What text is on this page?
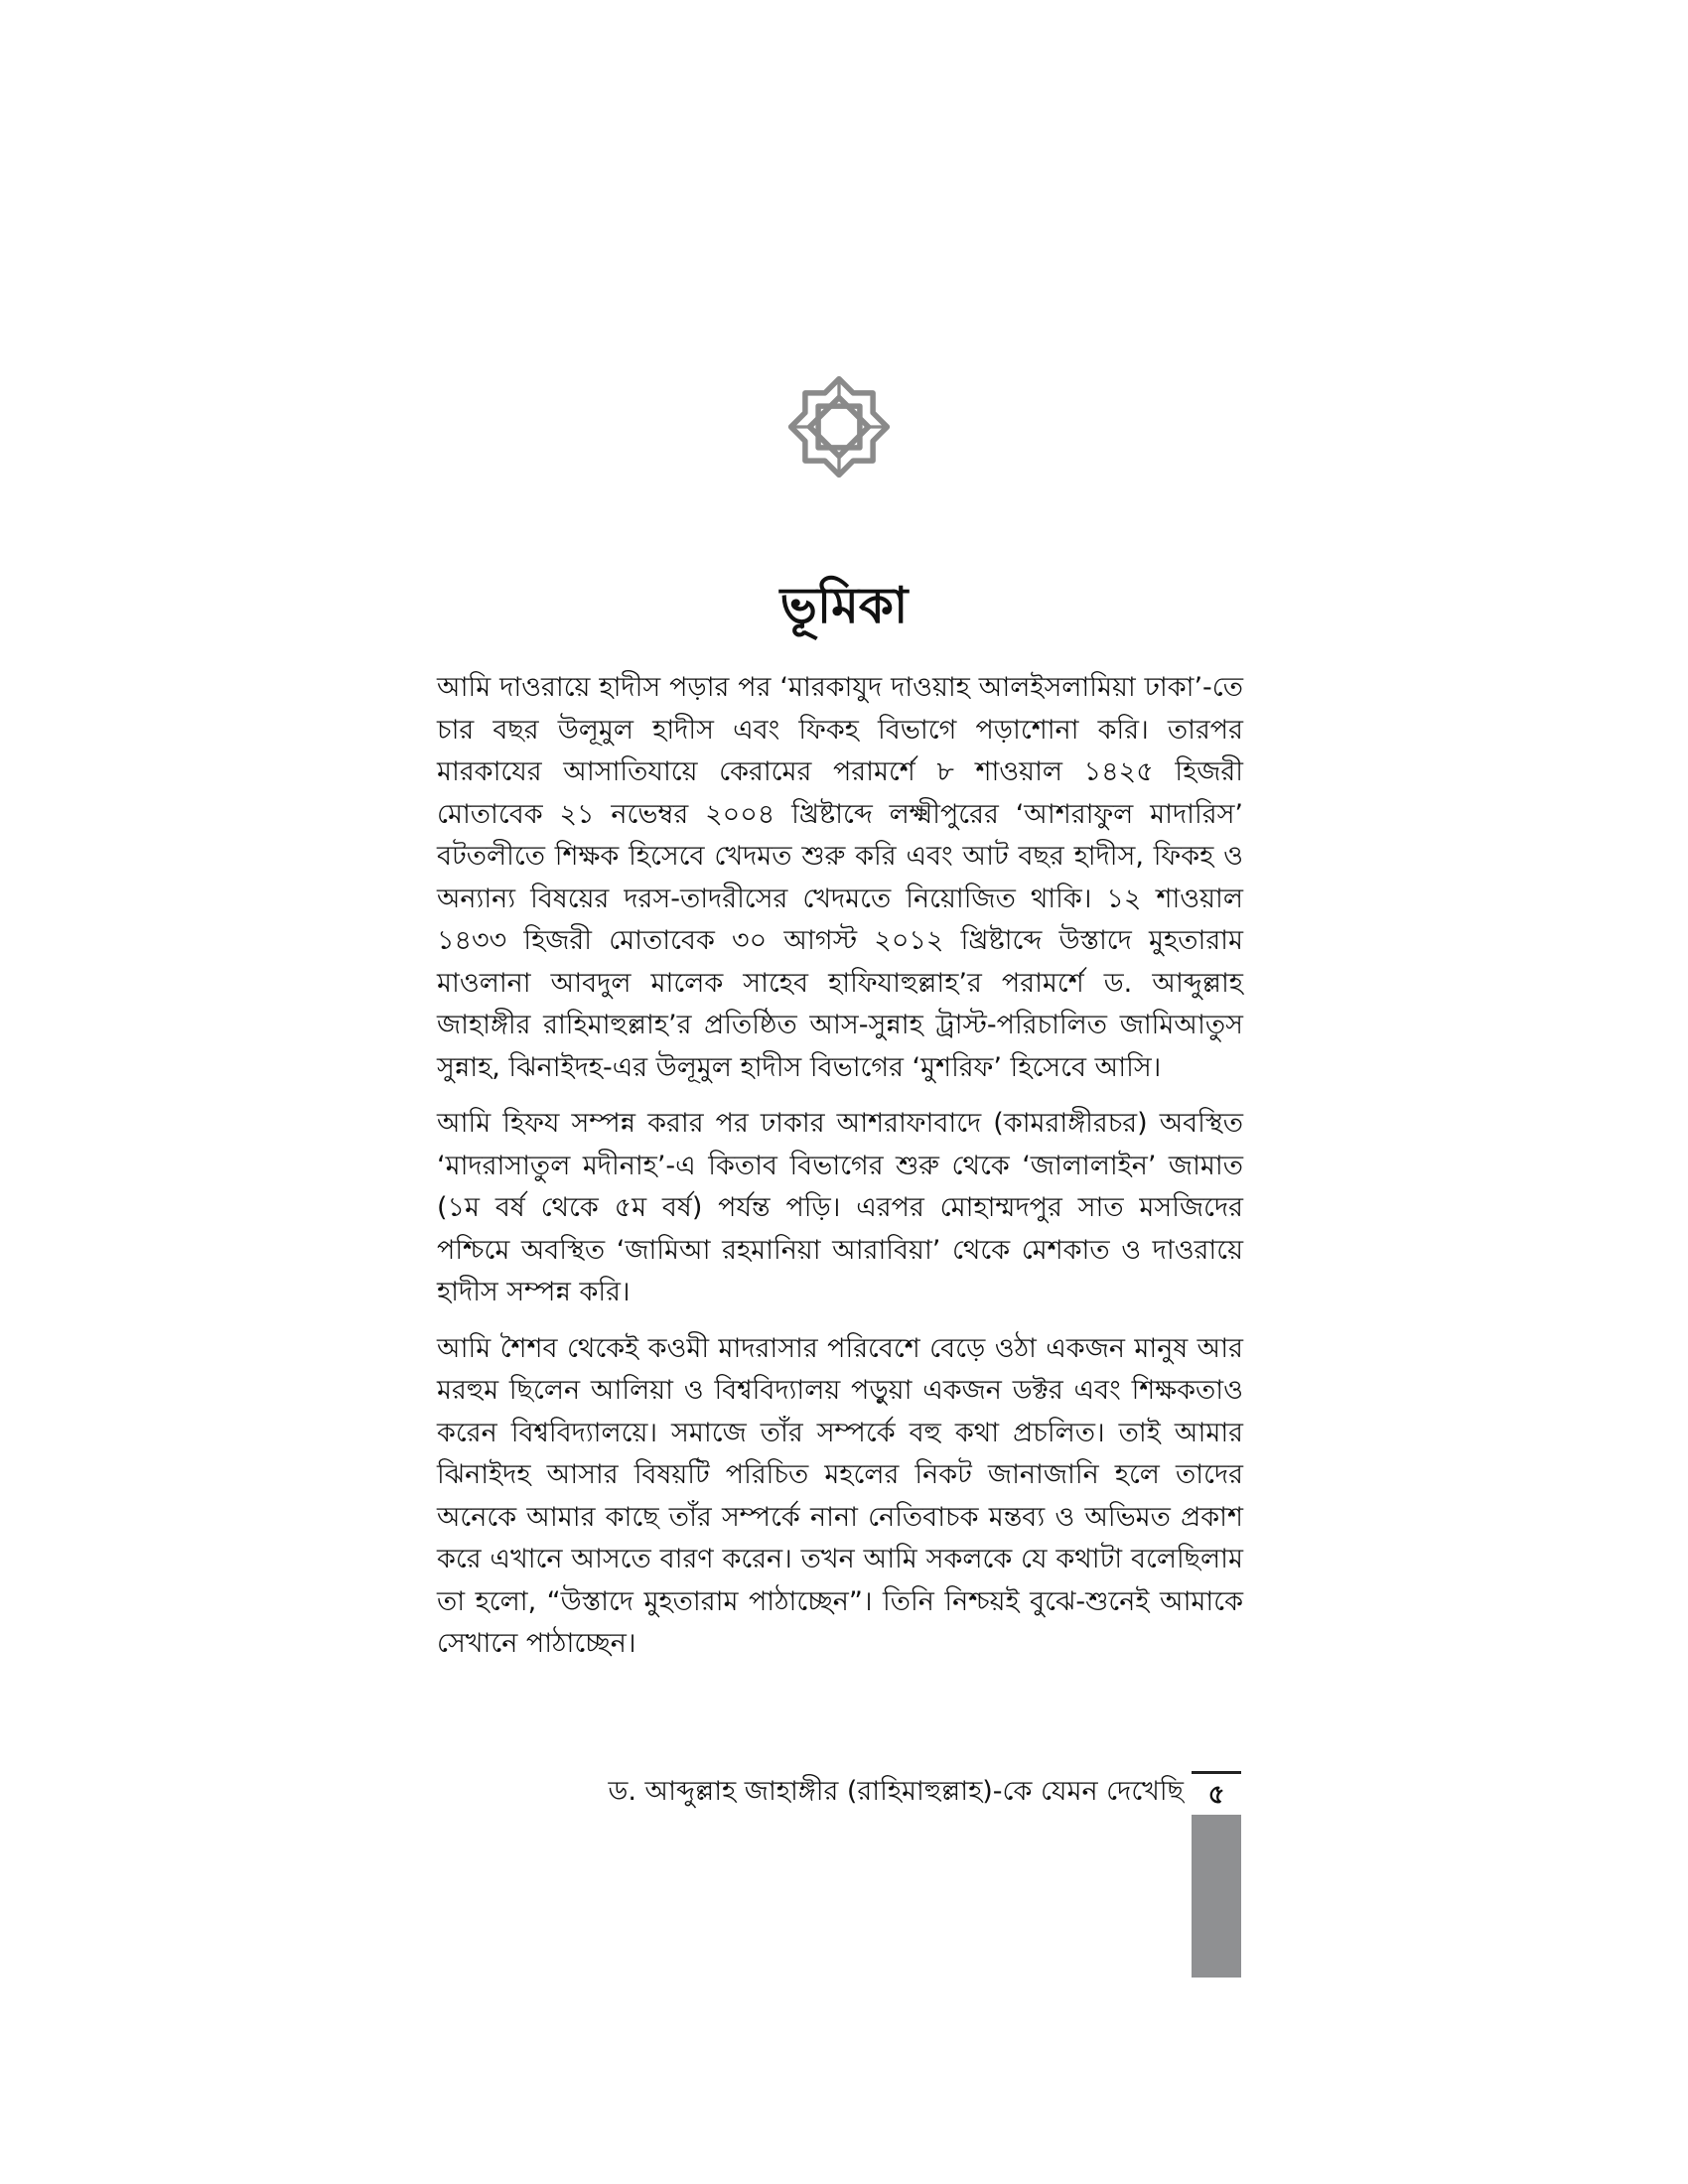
ভূমিকা

আমি দাওরায়ে হাদীস পড়ার পর ‘মারকাযুদ দাওয়াহ আলইসলামিয়া ঢাকা’-তে চার বছর উলূমুল হাদীস এবং ফিকহ বিভাগে পড়াশোনা করি। তারপর মারকাযের আসাতিযায়ে কেরামের পরামর্শে ৮ শাওয়াল ১৪২৫ হিজরী মোতাবেক ২১ নভেম্বর ২০০৪ খ্রিষ্টাব্দে লক্ষ্মীপুরের ‘আশরাফুল মাদারিস’ বটতলীতে শিক্ষক হিসেবে খেদমত শুরু করি এবং আট বছর হাদীস, ফিকহ ও অন্যান্য বিষয়ের দরস-তাদরীসের খেদমতে নিয়োজিত থাকি। ১২ শাওয়াল ১৪৩৩ হিজরী মোতাবেক ৩০ আগস্ট ২০১২ খ্রিষ্টাব্দে উস্তাদে মুহতারাম মাওলানা আবদুল মালেক সাহেব হাফিযাহুল্লাহ’র পরামর্শে ড. আব্দুল্লাহ জাহাঙ্গীর রাহিমাহুল্লাহ’র প্রতিষ্ঠিত আস-সুন্নাহ ট্রাস্ট-পরিচালিত জামিআতুস সুন্নাহ, ঝিনাইদহ-এর উলূমুল হাদীস বিভাগের ‘মুশরিফ’ হিসেবে আসি।

আমি হিফয সম্পন্ন করার পর ঢাকার আশরাফাবাদে (কামরাঙ্গীরচর) অবস্থিত ‘মাদরাসাতুল মদীনাহ’-এ কিতাব বিভাগের শুরু থেকে ‘জালালাইন’ জামাত (১ম বর্ষ থেকে ৫ম বর্ষ) পর্যন্ত পড়ি। এরপর মোহাম্মদপুর সাত মসজিদের পশ্চিমে অবস্থিত ‘জামিআ রহমানিয়া আরাবিয়া’ থেকে মেশকাত ও দাওরায়ে হাদীস সম্পন্ন করি।

আমি শৈশব থেকেই কওমী মাদরাসার পরিবেশে বেড়ে ওঠা একজন মানুষ আর মরহুম ছিলেন আলিয়া ও বিশ্ববিদ্যালয় পড়ুয়া একজন ডক্টর এবং শিক্ষকতাও করেন বিশ্ববিদ্যালয়ে। সমাজে তাঁর সম্পর্কে বহু কথা প্রচলিত। তাই আমার ঝিনাইদহ আসার বিষয়টি পরিচিত মহলের নিকট জানাজানি হলে তাদের অনেকে আমার কাছে তাঁর সম্পর্কে নানা নেতিবাচক মন্তব্য ও অভিমত প্রকাশ করে এখানে আসতে বারণ করেন। তখন আমি সকলকে যে কথাটা বলেছিলাম তা হলো, “উস্তাদে মুহতারাম পাঠাচ্ছেন”। তিনি নিশ্চয়ই বুঝে-শুনেই আমাকে সেখানে পাঠাচ্ছেন।

ড. আব্দুল্লাহ জাহাঙ্গীর (রাহিমাহুল্লাহ)-কে যেমন দেখেছি ৫
